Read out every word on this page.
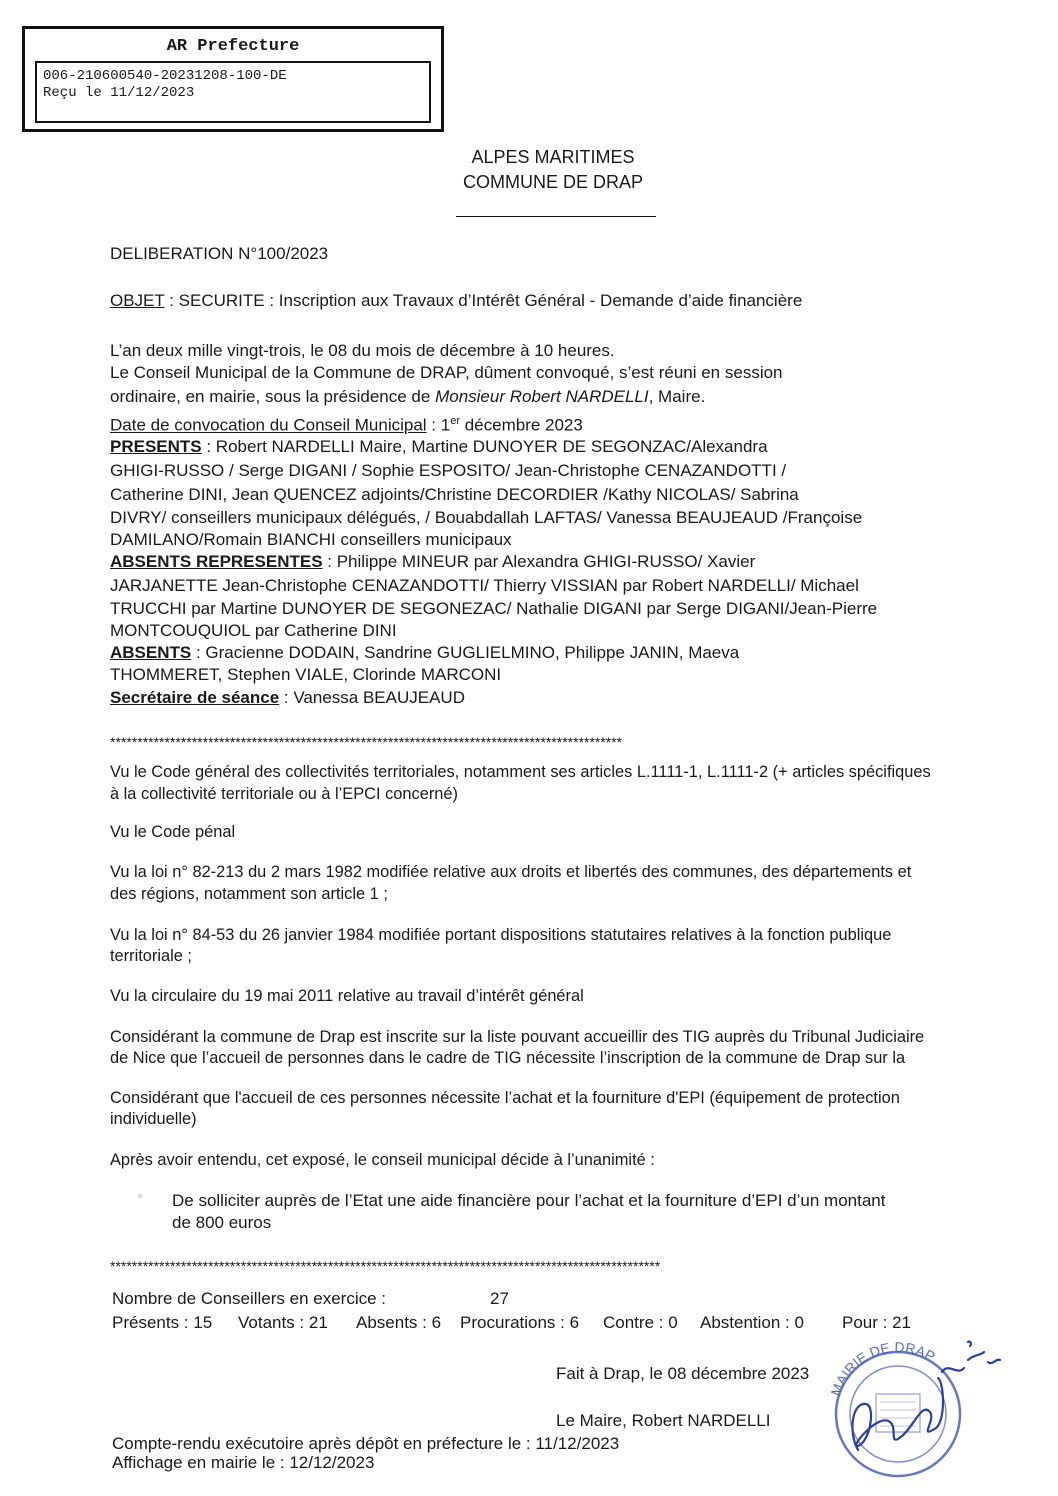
AR Prefecture
006-210600540-20231208-100-DE
Reçu le 11/12/2023
ALPES MARITIMES
COMMUNE DE DRAP
DELIBERATION N°100/2023
OBJET : SECURITE : Inscription aux Travaux d’Intérêt Général - Demande d’aide financière
L’an deux mille vingt-trois, le 08 du mois de décembre à 10 heures.
Le Conseil Municipal de la Commune de DRAP, dûment convoqué, s’est réuni en session
ordinaire, en mairie, sous la présidence de Monsieur Robert NARDELLI, Maire.
Date de convocation du Conseil Municipal : 1er décembre 2023
PRESENTS : Robert NARDELLI Maire, Martine DUNOYER DE SEGONZAC/Alexandra
GHIGI-RUSSO / Serge DIGANI / Sophie ESPOSITO/ Jean-Christophe CENAZANDOTTI /
Catherine DINI, Jean QUENCEZ adjoints/Christine DECORDIER /Kathy NICOLAS/ Sabrina
DIVRY/ conseillers municipaux délégués, / Bouabdallah LAFTAS/ Vanessa BEAUJEAUD /Françoise
DAMILANO/Romain BIANCHI conseillers municipaux
ABSENTS REPRESENTES : Philippe MINEUR par Alexandra GHIGI-RUSSO/ Xavier
JARJANETTE Jean-Christophe CENAZANDOTTI/ Thierry VISSIAN par Robert NARDELLI/ Michael
TRUCCHI par Martine DUNOYER DE SEGONEZAC/ Nathalie DIGANI par Serge DIGANI/Jean-Pierre
MONTCOUQUIOL par Catherine DINI
ABSENTS : Gracienne DODAIN, Sandrine GUGLIELMINO, Philippe JANIN, Maeva
THOMMERET, Stephen VIALE, Clorinde MARCONI
Secrétaire de séance : Vanessa BEAUJEAUD
**********************************************************************************************
Vu le Code général des collectivités territoriales, notamment ses articles L.1111-1, L.1111-2 (+ articles spécifiques
à la collectivité territoriale ou à l’EPCI concerné)
Vu le Code pénal
Vu la loi n° 82-213 du 2 mars 1982 modifiée relative aux droits et libertés des communes, des départements et
des régions, notamment son article 1 ;
Vu la loi n° 84-53 du 26 janvier 1984 modifiée portant dispositions statutaires relatives à la fonction publique
territoriale ;
Vu la circulaire du 19 mai 2011 relative au travail d’intérêt général
Considérant la commune de Drap est inscrite sur la liste pouvant accueillir des TIG auprès du Tribunal Judiciaire
de Nice que l’accueil de personnes dans le cadre de TIG nécessite l’inscription de la commune de Drap sur la
Considérant que l'accueil de ces personnes nécessite l’achat et la fourniture d'EPI (équipement de protection
individuelle)
Après avoir entendu, cet exposé, le conseil municipal décide à l’unanimité :
◦ De solliciter auprès de l’Etat une aide financière pour l’achat et la fourniture d’EPI d’un montant
de 800 euros
*****************************************************************************************************
Nombre de Conseillers en exercice :	27
Présents : 15 Votants : 21 Absents : 6 Procurations : 6 Contre : 0 Abstention : 0 Pour : 21
Fait à Drap, le 08 décembre 2023
Le Maire, Robert NARDELLI
MAIRIE DE DRAP
Compte-rendu exécutoire après dépôt en préfecture le : 11/12/2023
Affichage en mairie le : 12/12/2023
